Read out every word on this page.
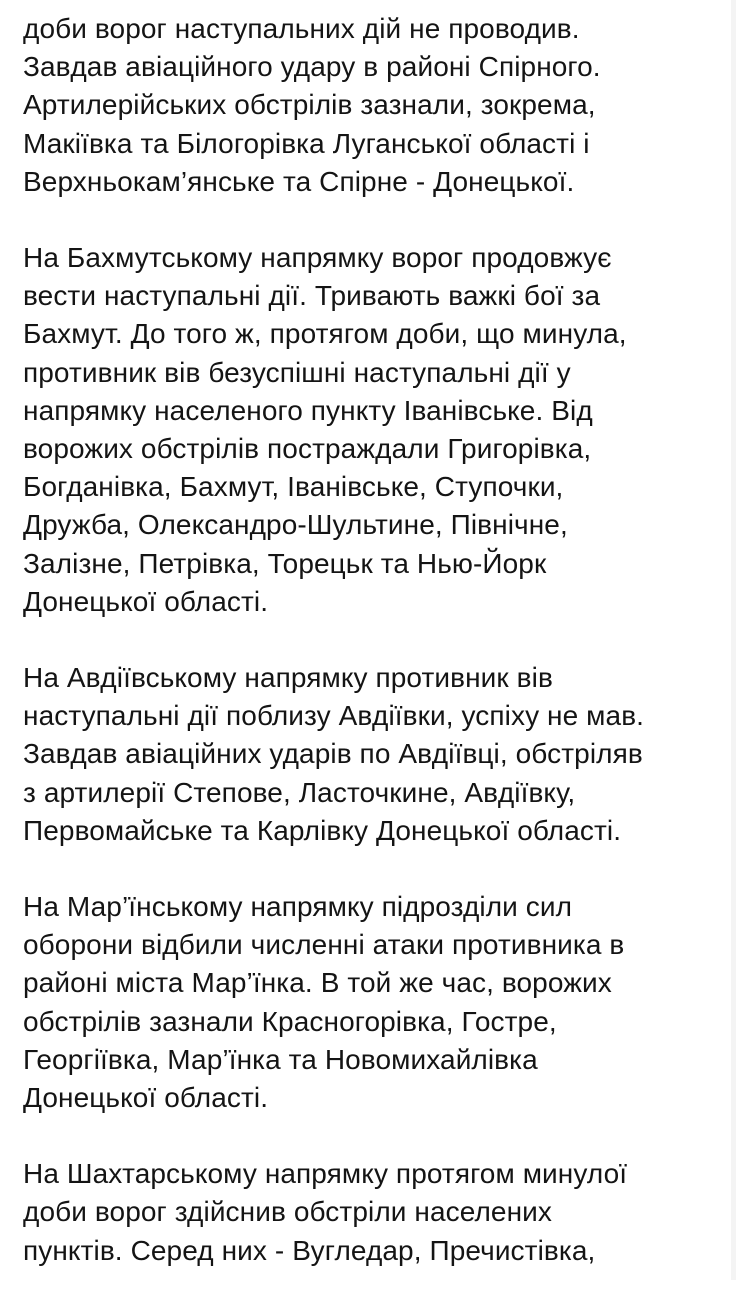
доби ворог наступальних дій не проводив.
Завдав авіаційного удару в районі Спірного.
Артилерійських обстрілів зазнали, зокрема,
Макіївка та Білогорівка Луганської області і
Верхньокам’янське та Спірне - Донецької.
На Бахмутському напрямку ворог продовжує
вести наступальні дії. Тривають важкі бої за
Бахмут. До того ж, протягом доби, що минула,
противник вів безуспішні наступальні дії у
напрямку населеного пункту Іванівське. Від
ворожих обстрілів постраждали Григорівка,
Богданівка, Бахмут, Іванівське, Ступочки,
Дружба, Олександро-Шультине, Північне,
Залізне, Петрівка, Торецьк та Нью-Йорк
Донецької області.
На Авдіївському напрямку противник вів
наступальні дії поблизу Авдіївки, успіху не мав.
Завдав авіаційних ударів по Авдіївці, обстріляв
з артилерії Степове, Ласточкине, Авдіївку,
Первомайське та Карлівку Донецької області.
На Мар’їнському напрямку підрозділи сил
оборони відбили численні атаки противника в
районі міста Мар’їнка. В той же час, ворожих
обстрілів зазнали Красногорівка, Гостре,
Георгіївка, Мар’їнка та Новомихайлівка
Донецької області.
На Шахтарському напрямку протягом минулої
доби ворог здійснив обстріли населених
пунктів. Серед них - Вугледар, Пречистівка,
